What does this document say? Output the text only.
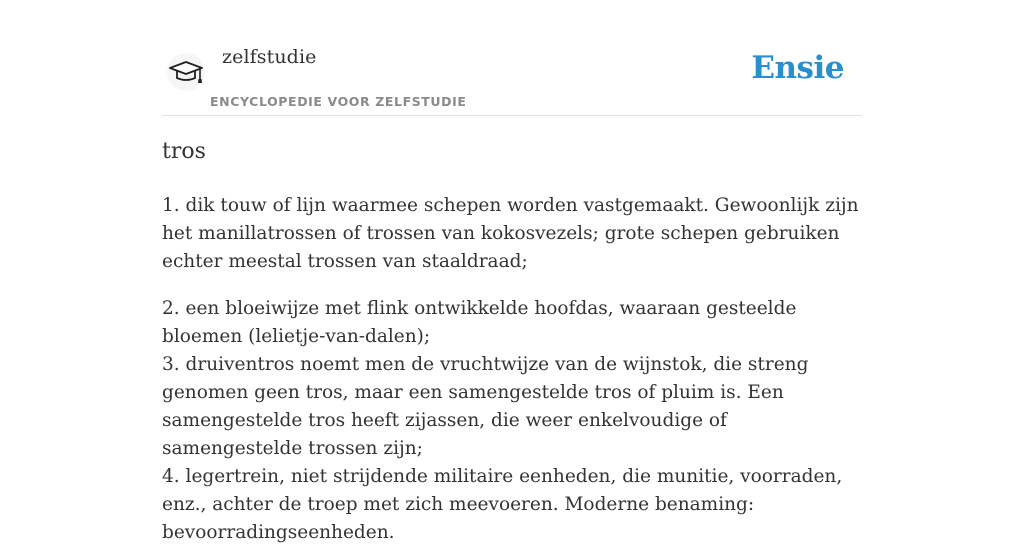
zelfstudie
ENCYCLOPEDIE VOOR ZELFSTUDIE
Ensie
tros

1. dik touw of lijn waarmee schepen worden vastgemaakt. Gewoonlijk zijn het manillatrossen of trossen van kokosvezels; grote schepen gebruiken echter meestal trossen van staaldraad;

2. een bloeiwijze met flink ontwikkelde hoofdas, waaraan gesteelde bloemen (lelietje-van-dalen);

3. druiventros noemt men de vruchtwijze van de wijnstok, die streng genomen geen tros, maar een samengestelde tros of pluim is. Een samengestelde tros heeft zijassen, die weer enkelvoudige of samengestelde trossen zijn;

4. legertrein, niet strijdende militaire eenheden, die munitie, voorraden, enz., achter de troep met zich meevoeren. Moderne benaming: bevoorradingseenheden.
